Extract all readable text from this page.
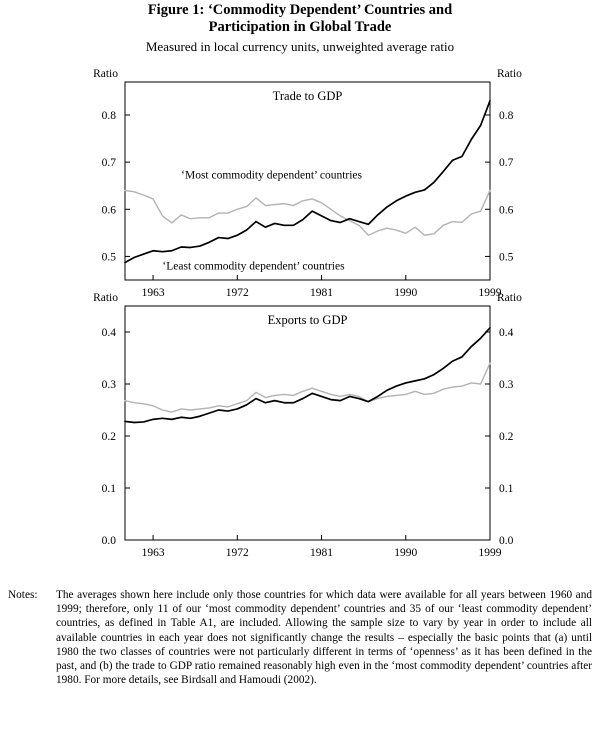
Figure 1: ‘Commodity Dependent’ Countries and
Participation in Global Trade
Measured in local currency units, unweighted average ratio
0.5	0.5
0.6	0.6
0.7	0.7
0.8	0.8
Ratio	Ratio
1963	1972	1981	1990	1999
Trade to GDP
‘Most commodity dependent’ countries
‘Least commodity dependent’ countries
0.0	0.0
0.1	0.1
0.2	0.2
0.3	0.3
0.4	0.4
Ratio	Ratio
1963	1972	1981	1990	1999
Exports to GDP
Notes: The averages shown here include only those countries for which data were available for all years between 1960 and 1999; therefore, only 11 of our ‘most commodity dependent’ countries and 35 of our ‘least commodity dependent’ countries, as defined in Table A1, are included. Allowing the sample size to vary by year in order to include all available countries in each year does not significantly change the results – especially the basic points that (a) until 1980 the two classes of countries were not particularly different in terms of ‘openness’ as it has been defined in the past, and (b) the trade to GDP ratio remained reasonably high even in the ‘most commodity dependent’ countries after 1980. For more details, see Birdsall and Hamoudi (2002).
